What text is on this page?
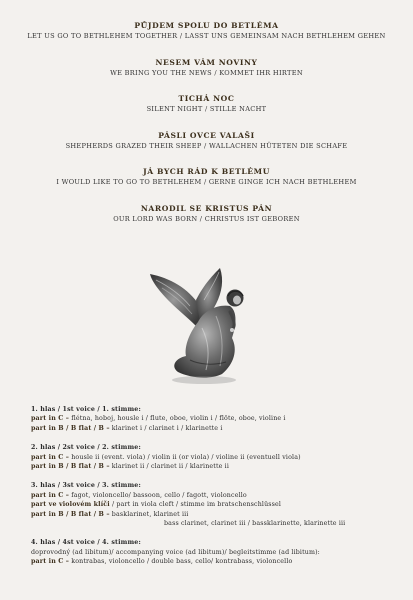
PŮJDEM SPOLU DO BETLÉMA
LET US GO TO BETHLEHEM TOGETHER / LASST UNS GEMEINSAM NACH BETHLEHEM GEHEN
NESEM VÁM NOVINY
WE BRING YOU THE NEWS / KOMMET IHR HIRTEN
TICHÁ NOC
SILENT NIGHT / STILLE NACHT
PÁSLI OVCE VALAŠI
SHEPHERDS GRAZED THEIR SHEEP / WALLACHEN HÜTETEN DIE SCHAFE
JÁ BYCH RÁD K BETLÉMU
I WOULD LIKE TO GO TO BETHLEHEM / GERNE GINGE ICH NACH BETHLEHEM
NARODIL SE KRISTUS PÁN
OUR LORD WAS BORN / CHRISTUS IST GEBOREN
1. hlas / 1st voice / 1. stimme:
part in C – flétna, hoboj, housle i / flute, oboe, violin i / flöte, oboe, violine i
part in B / B flat / B – klarinet i / clarinet i / klarinette i
2. hlas / 2st voice / 2. stimme:
part in C – housle ii (event. viola) / violin ii (or viola) / violine ii (eventuell viola)
part in B / B flat / B – klarinet ii / clarinet ii / klarinette ii
3. hlas / 3st voice / 3. stimme:
part in C – fagot, violoncello/ bassoon, cello / fagott, violoncello
part ve violovém klíči / part in viola cleft / stimme im bratschenschlüssel
part in B / B flat / B – basklarinet, klarinet iii
bass clarinet, clarinet iii / bassklarinette, klarinette iii
4. hlas / 4st voice / 4. stimme:
doprovodný (ad libitum)/ accompanying voice (ad libitum)/ begleitstimme (ad libitum):
part in C – kontrabas, violoncello / double bass, cello/ kontrabass, violoncello
